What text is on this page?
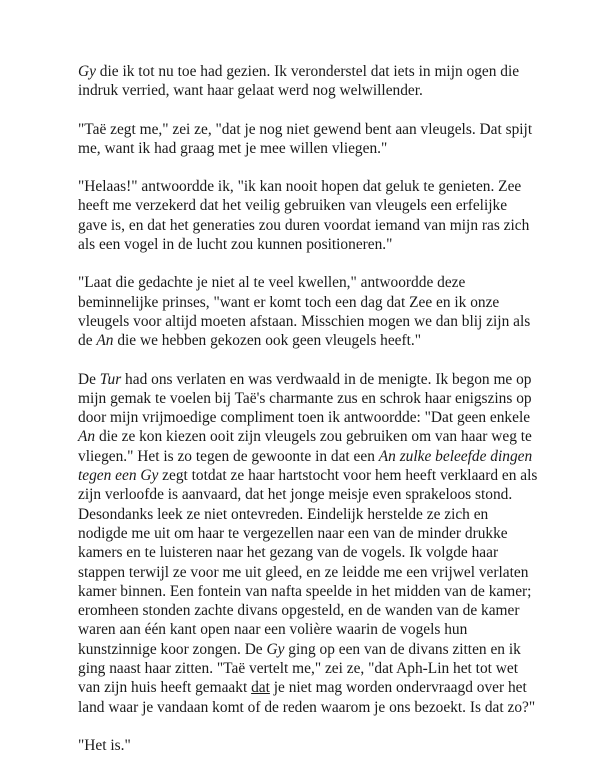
Gy die ik tot nu toe had gezien. Ik veronderstel dat iets in mijn ogen die indruk verried, want haar gelaat werd nog welwillender.

"Taë zegt me," zei ze, "dat je nog niet gewend bent aan vleugels. Dat spijt me, want ik had graag met je mee willen vliegen."

"Helaas!" antwoordde ik, "ik kan nooit hopen dat geluk te genieten. Zee heeft me verzekerd dat het veilig gebruiken van vleugels een erfelijke gave is, en dat het generaties zou duren voordat iemand van mijn ras zich als een vogel in de lucht zou kunnen positioneren."

"Laat die gedachte je niet al te veel kwellen," antwoordde deze beminnelijke prinses, "want er komt toch een dag dat Zee en ik onze vleugels voor altijd moeten afstaan. Misschien mogen we dan blij zijn als de An die we hebben gekozen ook geen vleugels heeft."

De Tur had ons verlaten en was verdwaald in de menigte. Ik begon me op mijn gemak te voelen bij Taë's charmante zus en schrok haar enigszins op door mijn vrijmoedige compliment toen ik antwoordde: "Dat geen enkele An die ze kon kiezen ooit zijn vleugels zou gebruiken om van haar weg te vliegen." Het is zo tegen de gewoonte in dat een An zulke beleefde dingen tegen een Gy zegt totdat ze haar hartstocht voor hem heeft verklaard en als zijn verloofde is aanvaard, dat het jonge meisje even sprakeloos stond. Desondanks leek ze niet ontevreden. Eindelijk herstelde ze zich en nodigde me uit om haar te vergezellen naar een van de minder drukke kamers en te luisteren naar het gezang van de vogels. Ik volgde haar stappen terwijl ze voor me uit gleed, en ze leidde me een vrijwel verlaten kamer binnen. Een fontein van nafta speelde in het midden van de kamer; eromheen stonden zachte divans opgesteld, en de wanden van de kamer waren aan één kant open naar een volière waarin de vogels hun kunstzinnige koor zongen. De Gy ging op een van de divans zitten en ik ging naast haar zitten. "Taë vertelt me," zei ze, "dat Aph-Lin het tot wet van zijn huis heeft gemaakt dat je niet mag worden ondervraagd over het land waar je vandaan komt of de reden waarom je ons bezoekt. Is dat zo?"

"Het is."
